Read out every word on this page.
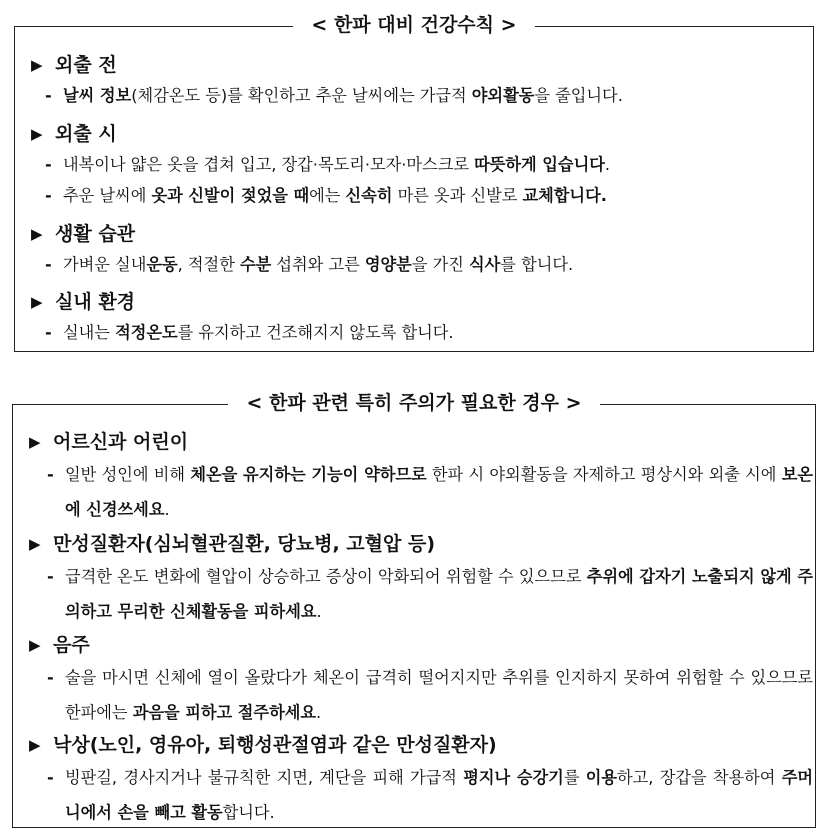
< 한파 대비 건강수칙 >
▶ 외출 전
- 날씨 정보(체감온도 등)를 확인하고 추운 날씨에는 가급적 야외활동을 줄입니다.
▶ 외출 시
- 내복이나 얇은 옷을 겹쳐 입고, 장갑·목도리·모자·마스크로 따뜻하게 입습니다.
- 추운 날씨에 옷과 신발이 젖었을 때에는 신속히 마른 옷과 신발로 교체합니다.
▶ 생활 습관
- 가벼운 실내운동, 적절한 수분 섭취와 고른 영양분을 가진 식사를 합니다.
▶ 실내 환경
- 실내는 적정온도를 유지하고 건조해지지 않도록 합니다.
< 한파 관련 특히 주의가 필요한 경우 >
▶ 어르신과 어린이
- 일반 성인에 비해 체온을 유지하는 기능이 약하므로 한파 시 야외활동을 자제하고 평상시와 외출 시에 보온에 신경쓰세요.
▶ 만성질환자(심뇌혈관질환, 당뇨병, 고혈압 등)
- 급격한 온도 변화에 혈압이 상승하고 증상이 악화되어 위험할 수 있으므로 추위에 갑자기 노출되지 않게 주의하고 무리한 신체활동을 피하세요.
▶ 음주
- 술을 마시면 신체에 열이 올랐다가 체온이 급격히 떨어지지만 추위를 인지하지 못하여 위험할 수 있으므로 한파에는 과음을 피하고 절주하세요.
▶ 낙상(노인, 영유아, 퇴행성관절염과 같은 만성질환자)
- 빙판길, 경사지거나 불규칙한 지면, 계단을 피해 가급적 평지나 승강기를 이용하고, 장갑을 착용하여 주머니에서 손을 빼고 활동합니다.
